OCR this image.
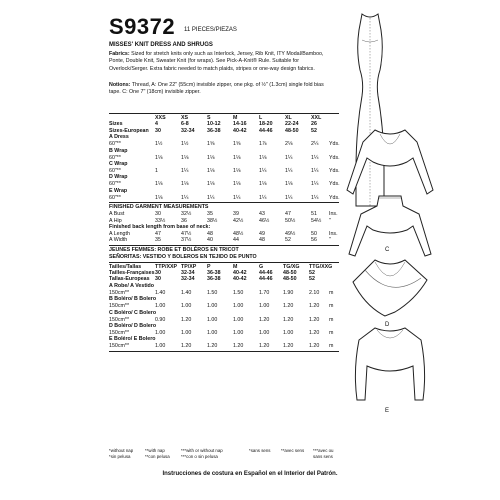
S9372 11 PIECES/PIEZAS
MISSES' KNIT DRESS AND SHRUGS
Fabrics: Sized for stretch knits only such as Interlock, Jersey, Rib Knit, ITY Modal/Bamboo, Ponte, Double Knit, Sweater Knit (for wraps). See Pick-A-Knit® Rule. Suitable for Overlock/Serger. Extra fabric needed to match plaids, stripes or one-way design fabrics.
Notions: Thread, A: One 22" (55cm) invisible zipper, one pkg. of ½" (1.3cm) single fold bias tape. C: One 7" (18cm) invisible zipper.
XXS	XS	S	M	L	XL	XXL
Sizes	4	6-8	10-12 14-16 18-20 22-24 26
Sizes-European 30	32-34 36-38 40-42 44-46 48-50 52
A Dress
60"**	1½	1½	1⅝	1⅝	1⅞	2⅛	2¼ Yds.
B Wrap
60"**	1⅛	1⅛	1⅛	1⅛	1⅛	1¼	1¼ Yds.
C Wrap
60"**	1	1¼	1⅛	1⅛	1¼	1¼	1¼ Yds.
D Wrap
60"**	1⅛	1⅛	1⅛	1⅛	1⅛	1⅛	1¼ Yds.
E Wrap
60"**	1⅛	1¼	1¼	1¼	1¼	1¼	1¼ Yds.
FINISHED GARMENT MEASUREMENTS
A Bust	30	32½	35	39	43	47	51 Ins.
A Hip	33½	36	38½	42½	46½	50½	54½ "
Finished back length from base of neck:
A Length	47	47½	48	48½	49	49½	50 Ins.
A Width	35	37½	40	44	48	52	56 "
JEUNES FEMMES: ROBE ET BOLÉROS EN TRICOT
SEÑORITAS: VESTIDO Y BOLEROS EN TEJIDO DE PUNTO
Tailles/Tallas	TTP/XXP TP/XP P	M	G	TG/XG TTG/XXG
Tailles-Françaises 30	32-34 36-38 40-42 44-46 48-50 52
Tallas-Europeas 30	32-34 36-38 40-42 44-46 48-50 52
A Robe/ A Vestido
150cm**	1.40	1.40	1.50	1.50	1.70	1.90	2.10 m
B Boléro/ B Bolero
150cm**	1.00	1.00	1.00	1.00	1.00	1.20	1.20 m
C Boléro/ C Bolero
150cm**	0.90	1.20	1.00	1.00	1.20	1.20	1.20 m
D Boléro/ D Bolero
150cm**	1.00	1.00	1.00	1.00	1.00	1.00	1.20 m
E Boléro/ E Bolero
150cm**	1.00	1.20	1.20	1.20	1.20	1.20	1.20 m
*without nap	**with nap	***with or without nap	*sans sens **avec sens ***avec ou sans sens
*sin pelusa	**con pelusa	***con o sin pelusa
Instrucciones de costura en Español en el Interior del Patrón.
C
D
E
